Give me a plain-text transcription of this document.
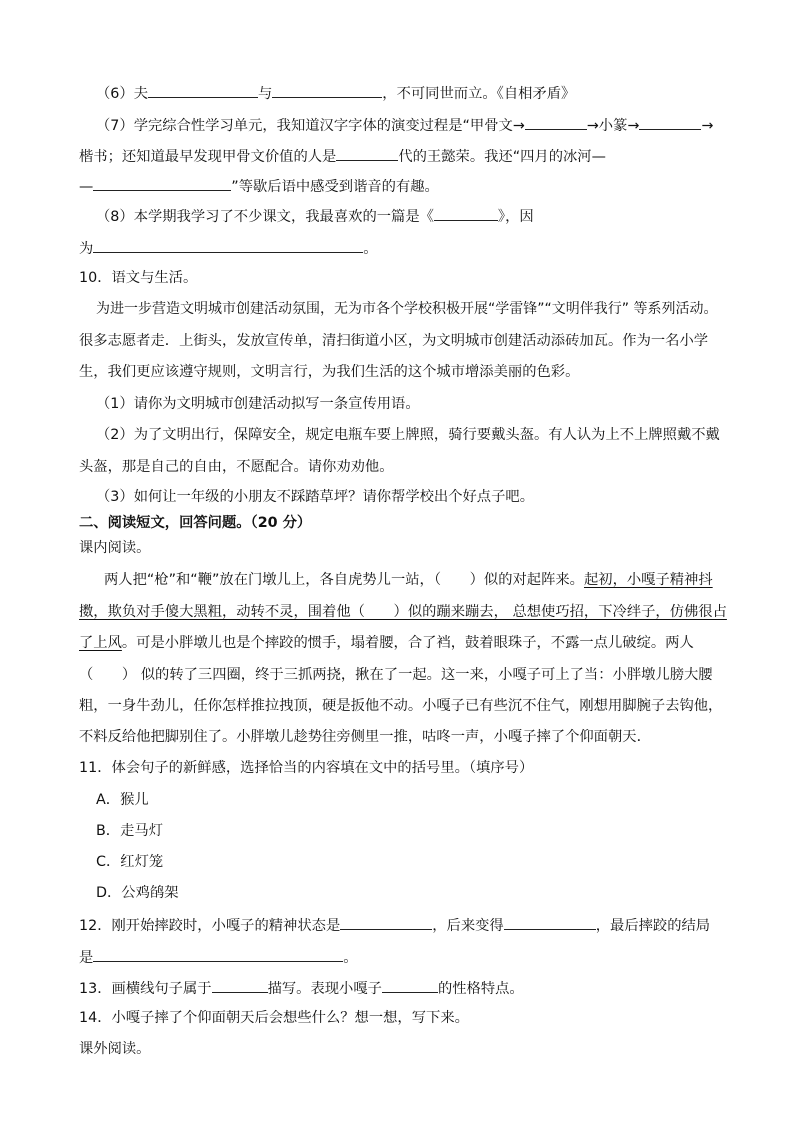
（6）夫	与	，不可同世而立。《自相矛盾》
（7）学完综合性学习单元，我知道汉字字体的演变过程是“甲骨文→	→小篆→	→
楷书；还知道最早发现甲骨文价值的人是	代的王懿荣。我还“四月的冰河—
—	”等歇后语中感受到谐音的有趣。
（8）本学期我学习了不少课文，我最喜欢的一篇是《	》，因
为	。
10．语文与生活。
为进一步营造文明城市创建活动氛围，无为市各个学校积极开展“学雷锋”“文明伴我行” 等系列活动。
很多志愿者走．上街头，发放宣传单，清扫街道小区，为文明城市创建活动添砖加瓦。作为一名小学
生，我们更应该遵守规则，文明言行，为我们生活的这个城市增添美丽的色彩。
（1）请你为文明城市创建活动拟写一条宣传用语。
（2）为了文明出行，保障安全，规定电瓶车要上牌照，骑行要戴头盔。有人认为上不上牌照戴不戴
头盔，那是自己的自由，不愿配合。请你劝劝他。
（3）如何让一年级的小朋友不踩踏草坪？请你帮学校出个好点子吧。
二、阅读短文，回答问题。（20 分）
课内阅读。
两人把“枪”和“鞭”放在门墩儿上，各自虎势儿一站，（　　）似的对起阵来。起初，小嘎子精神抖
擞，欺负对手傻大黑粗，动转不灵，围着他（　　）似的蹦来蹦去， 总想使巧招，下冷绊子，仿佛很占
了上风。可是小胖墩儿也是个摔跤的惯手，塌着腰，合了裆，鼓着眼珠子，不露一点儿破绽。两人
（　　） 似的转了三四圈，终于三抓两挠，揪在了一起。这一来，小嘎子可上了当：小胖墩儿膀大腰
粗，一身牛劲儿，任你怎样推拉拽顶，硬是扳他不动。小嘎子已有些沉不住气，刚想用脚腕子去钩他，
不料反给他把脚别住了。小胖墩儿趁势往旁侧里一推，咕咚一声，小嘎子摔了个仰面朝天．
11．体会句子的新鲜感，选择恰当的内容填在文中的括号里。（填序号）
A．猴儿
B．走马灯
C．红灯笼
D．公鸡鹐架
12．刚开始摔跤时，小嘎子的精神状态是	，后来变得	，最后摔跤的结局
是	。
13．画横线句子属于	描写。表现小嘎子	的性格特点。
14．小嘎子摔了个仰面朝天后会想些什么？想一想，写下来。
课外阅读。
